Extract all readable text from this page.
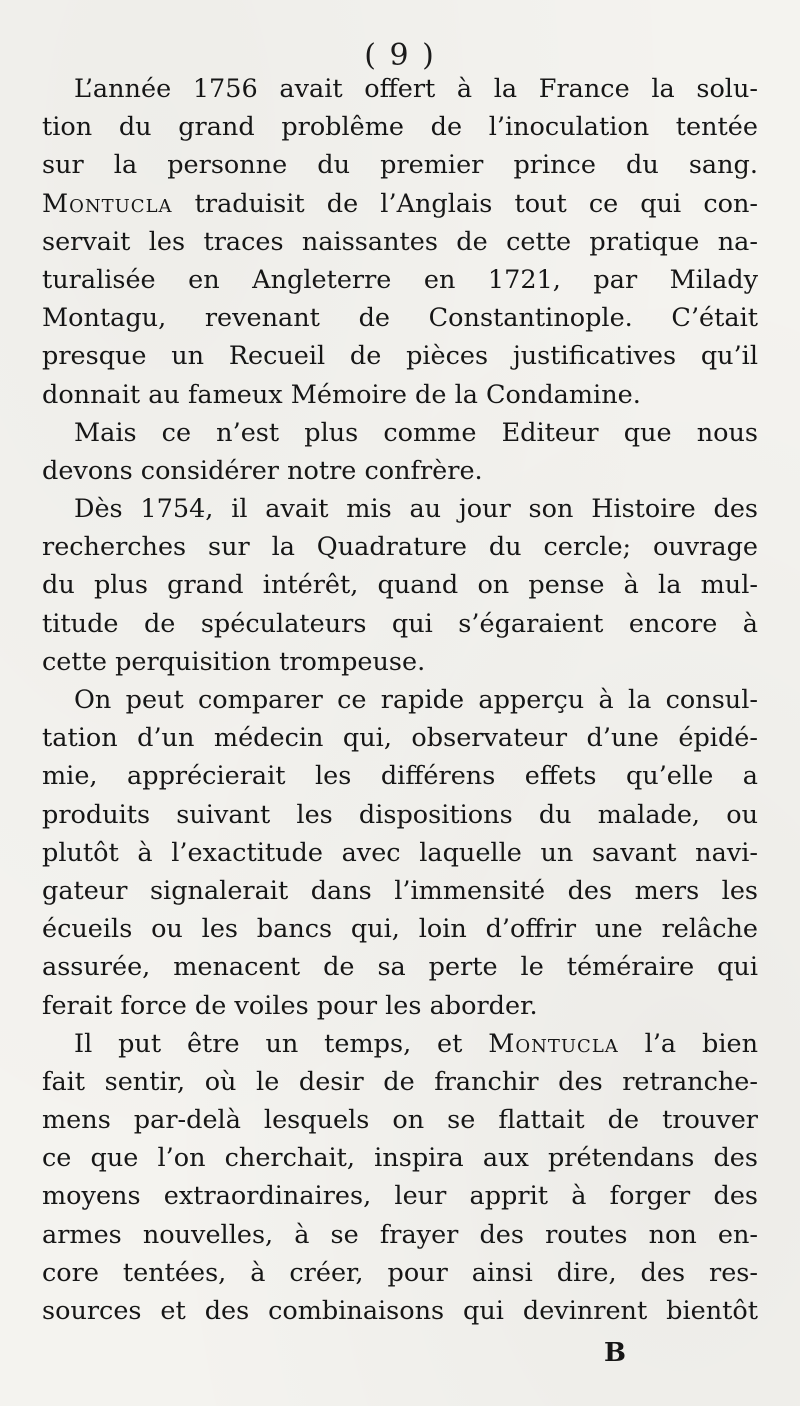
( 9 )
L’année 1756 avait offert à la France la solu-
tion du grand problême de l’inoculation tentée
sur la personne du premier prince du sang.
Montucla traduisit de l’Anglais tout ce qui con-
servait les traces naissantes de cette pratique na-
turalisée en Angleterre en 1721, par Milady
Montagu, revenant de Constantinople. C’était
presque un Recueil de pièces justificatives qu’il
donnait au fameux Mémoire de la Condamine.
Mais ce n’est plus comme Editeur que nous
devons considérer notre confrère.
Dès 1754, il avait mis au jour son Histoire des
recherches sur la Quadrature du cercle; ouvrage
du plus grand intérêt, quand on pense à la mul-
titude de spéculateurs qui s’égaraient encore à
cette perquisition trompeuse.
On peut comparer ce rapide apperçu à la consul-
tation d’un médecin qui, observateur d’une épidé-
mie, apprécierait les différens effets qu’elle a
produits suivant les dispositions du malade, ou
plutôt à l’exactitude avec laquelle un savant navi-
gateur signalerait dans l’immensité des mers les
écueils ou les bancs qui, loin d’offrir une relâche
assurée, menacent de sa perte le téméraire qui
ferait force de voiles pour les aborder.
Il put être un temps, et Montucla l’a bien
fait sentir, où le desir de franchir des retranche-
mens par-delà lesquels on se flattait de trouver
ce que l’on cherchait, inspira aux prétendans des
moyens extraordinaires, leur apprit à forger des
armes nouvelles, à se frayer des routes non en-
core tentées, à créer, pour ainsi dire, des res-
sources et des combinaisons qui devinrent bientôt
B
